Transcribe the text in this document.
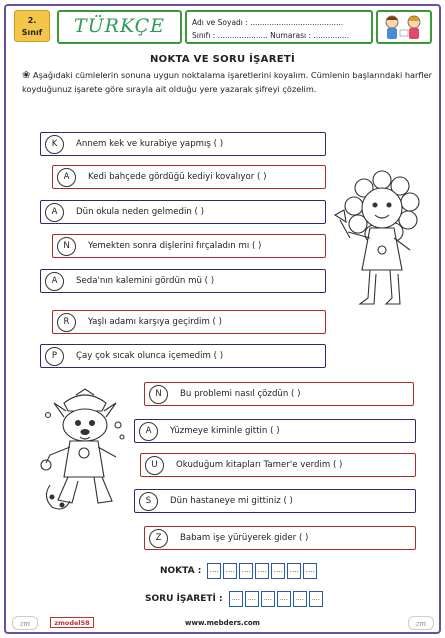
2.
Sınıf	TÜRKÇE	Adı ve Soyadı : .......................................
Sınıfı : ..................... Numarası : ...............
NOKTA VE SORU İŞARETİ
❀ Aşağıdaki cümlelerin sonuna uygun noktalama işaretlerini koyalım. Cümlenin başlarındaki harfler koyduğunuz işarete göre sırayla ait olduğu yere yazarak şifreyi çözelim.
K	Annem kek ve kurabiye yapmış ( )
A	Kedi bahçede gördüğü kediyi kovalıyor ( )
A	Dün okula neden gelmedin ( )
N	Yemekten sonra dişlerini fırçaladın mı ( )
A	Seda'nın kalemini gördün mü ( )
R	Yaşlı adamı karşıya geçirdim ( )
P	Çay çok sıcak olunca içemedim ( )
N	Bu problemi nasıl çözdün ( )
A	Yüzmeye kiminle gittin ( )
U	Okuduğum kitapları Tamer'e verdim ( )
S	Dün hastaneye mi gittiniz ( )
Z	Babam işe yürüyerek gider ( )
NOKTA :	....	....	....	....	....	....	....
SORU İŞARETİ :	....	....	....	....	....	....
zm	zmodel58	www.mebders.com	zm
